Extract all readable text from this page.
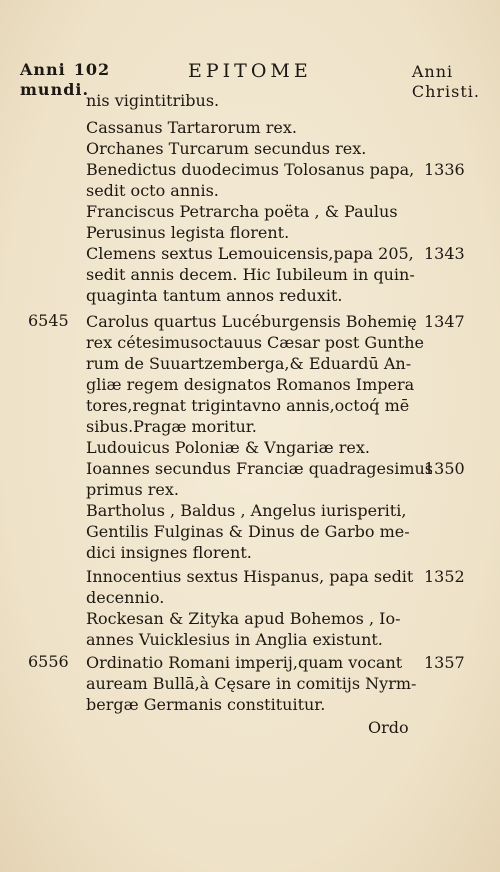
Anni 102
mundi.
EPITOME	Anni
Christi.
nis vigintitribus.
Cassanus Tartarorum rex.
Orchanes Turcarum secundus rex.
Benedictus duodecimus Tolosanus papa,
sedit octo annis.
Franciscus Petrarcha poëta , & Paulus
Perusinus legista florent.
Clemens sextus Lemouicensis,papa 205,
sedit annis decem. Hic Iubileum in quin-
quaginta tantum annos reduxit.
Carolus quartus Lucéburgensis Bohemię
rex cétesimusoctauus Cæsar post Gunthe
rum de Suuartzemberga,& Eduardū An-
gliæ regem designatos Romanos Impera
tores,regnat trigintavno annis,octoq́ mē
sibus.Pragæ moritur.
Ludouicus Poloniæ & Vngariæ rex.
Ioannes secundus Franciæ quadragesimus
primus rex.
Bartholus , Baldus , Angelus iurisperiti,
Gentilis Fulginas & Dinus de Garbo me-
dici insignes florent.
Innocentius sextus Hispanus, papa sedit
decennio.
Rockesan & Zityka apud Bohemos , Io-
annes Vuicklesius in Anglia existunt.
Ordinatio Romani imperij,quam vocant
auream Bullā,à Cęsare in comitijs Nyrm-
bergæ Germanis constituitur.
6545
6556
1336
1343
1347
1350
1352
1357
Ordo
